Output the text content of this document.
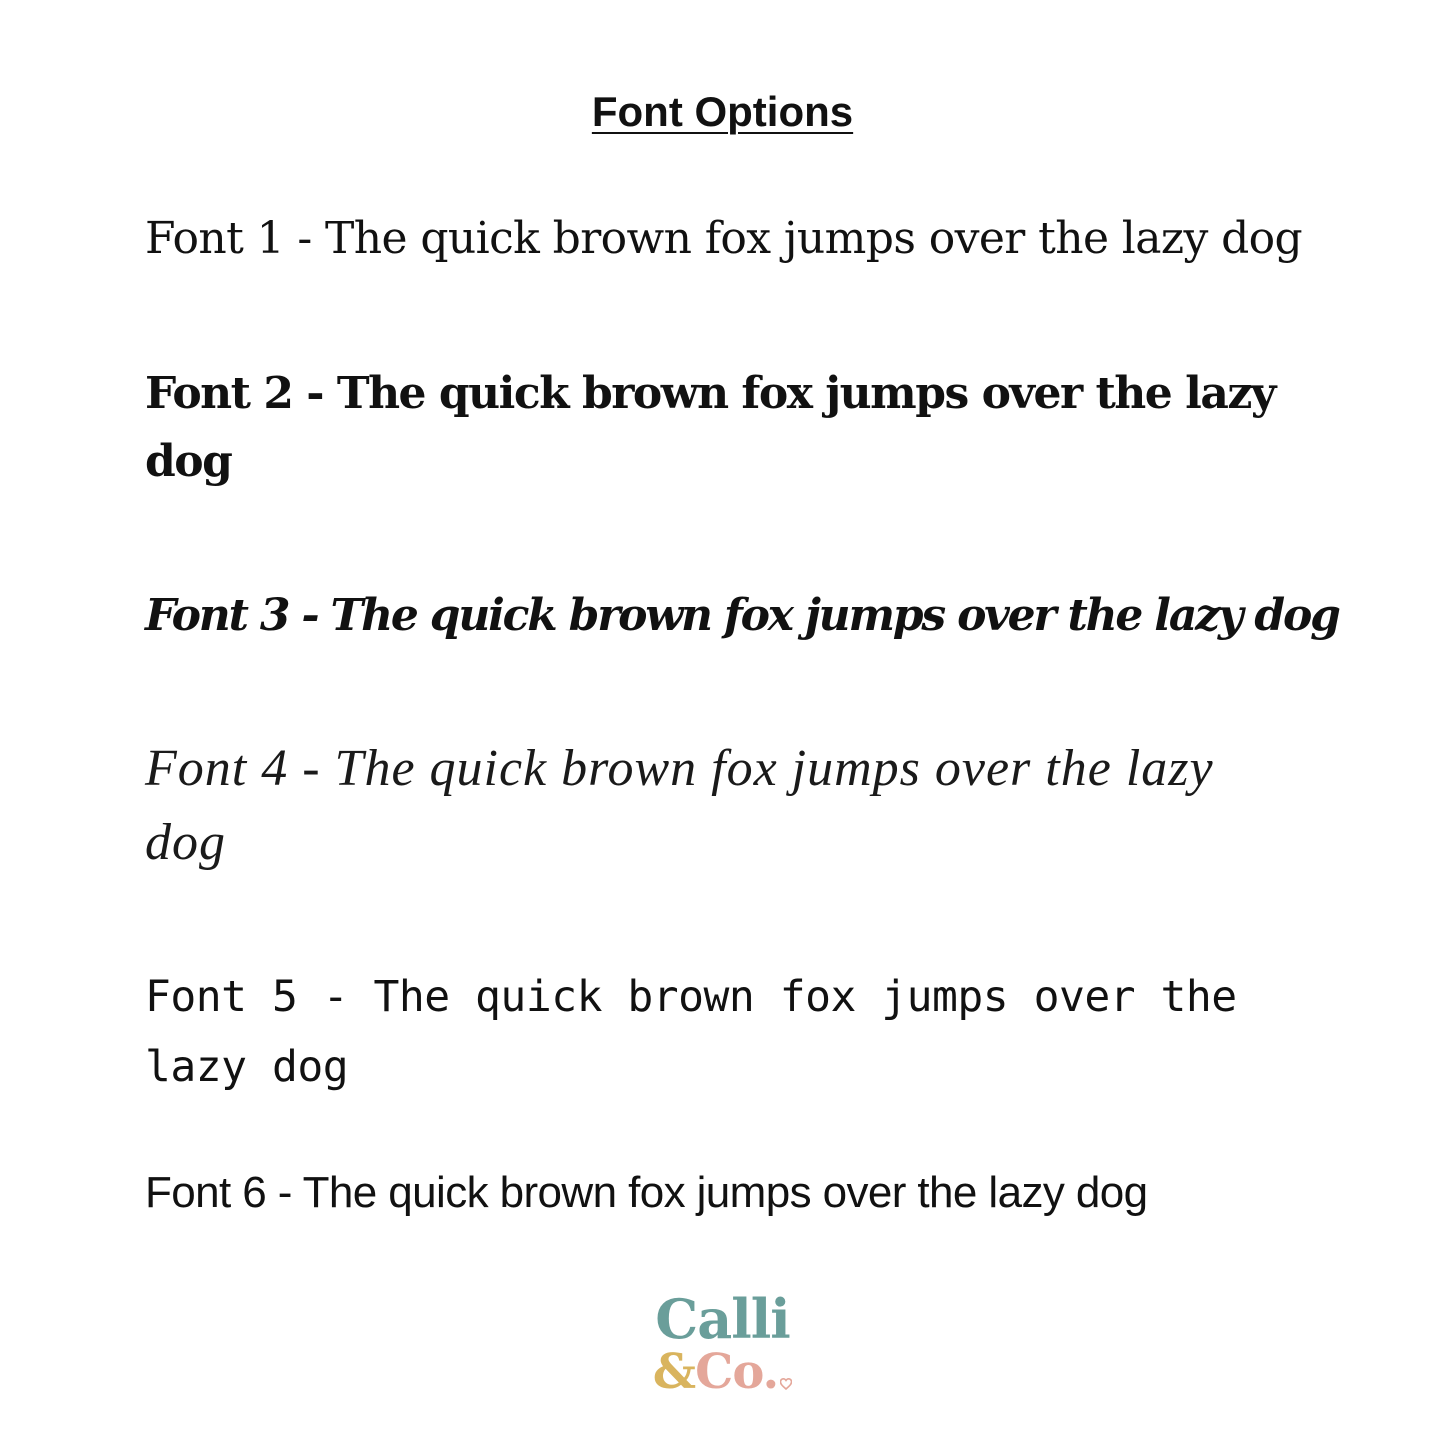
Font Options

Font 1 - The quick brown fox jumps over the lazy dog

Font 2 - The quick brown fox jumps over the lazy dog

Font 3 - The quick brown fox jumps over the lazy dog

Font 4 - The quick brown fox jumps over the lazy dog

Font 5 - The quick brown fox jumps over the lazy dog

Font 6 - The quick brown fox jumps over the lazy dog

Calli
&Co.
